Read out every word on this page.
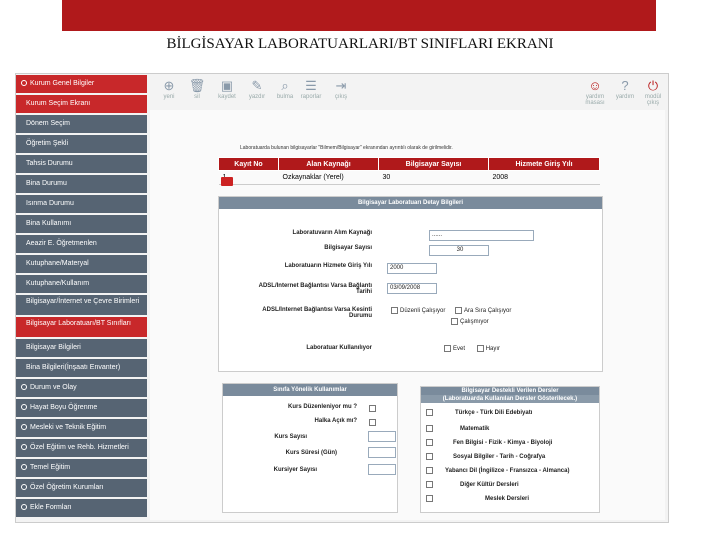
BİLGİSAYAR LABORATUARLARI/BT SINIFLARI EKRANI
Kurum Genel Bilgiler
Kurum Seçim Ekranı
Dönem Seçim
Öğretim Şekli
Tahsis Durumu
Bina Durumu
Isınma Durumu
Bina Kullanımı
Aeazir E. Öğretmenlen
Kutuphane/Materyal
Kutuphane/Kullanım
Bilgisayar/İnternet ve Çevre Birimleri
Bilgisayar Laboratuarı/BT Sınıfları
Bilgisayar Bilgileri
Bina Bilgileri(İnşaatı Envanter)
Durum ve Olay
Hayat Boyu Öğrenme
Mesleki ve Teknik Eğitim
Özel Eğitim ve Rehb. Hizmetleri
Temel Eğitim
Özel Öğretim Kurumları
Ekle Formları
⊕
yeni
🗑
sil
▣
kaydet
✎
yazdır
⌕
bulma
☰
raporlar
⇥
çıkış
☺
yardım masası
?
yardım
⏻
modül çıkış
Laboratuarda bulunan bilgisayarlar "Bilmem/Bilgisayar" ekranından ayrıntılı olarak de girilmelidir.
Kayıt No	Alan Kaynağı	Bilgisayar Sayısı	Hizmete Giriş Yılı
	Ozkaynaklar (Yerel)	30	2008
Bilgisayar Laboratuarı Detay Bilgileri
Laboratuvarın Alım Kaynağı	......
Bilgisayar Sayısı	30
Laboratuarın Hizmete Giriş Yılı	2000
ADSL/Internet Bağlantısı Varsa Bağlantı Tarihi
03/09/2008
ADSL/Internet Bağlantısı Varsa Kesinti Durumu
Düzenli Çalışıyor	Ara Sıra Çalışıyor
Çalışmıyor
Laboratuar Kullanılıyor	Evet	Hayır
Sınıfa Yönelik Kullanımlar
Kurs Düzenleniyor mu ?
Halka Açık mı?
Kurs Sayısı
Kurs Süresi (Gün)
Kursiyer Sayısı
Bilgisayar Destekli Verilen Dersler
(Laboratuarda Kullanılan Dersler Gösterilecek.)
Türkçe - Türk Dili Edebiyatı
Matematik
Fen Bilgisi - Fizik - Kimya - Biyoloji
Sosyal Bilgiler - Tarih - Coğrafya
Yabancı Dil (İngilizce - Fransızca - Almanca)
Diğer Kültür Dersleri
Meslek Dersleri
